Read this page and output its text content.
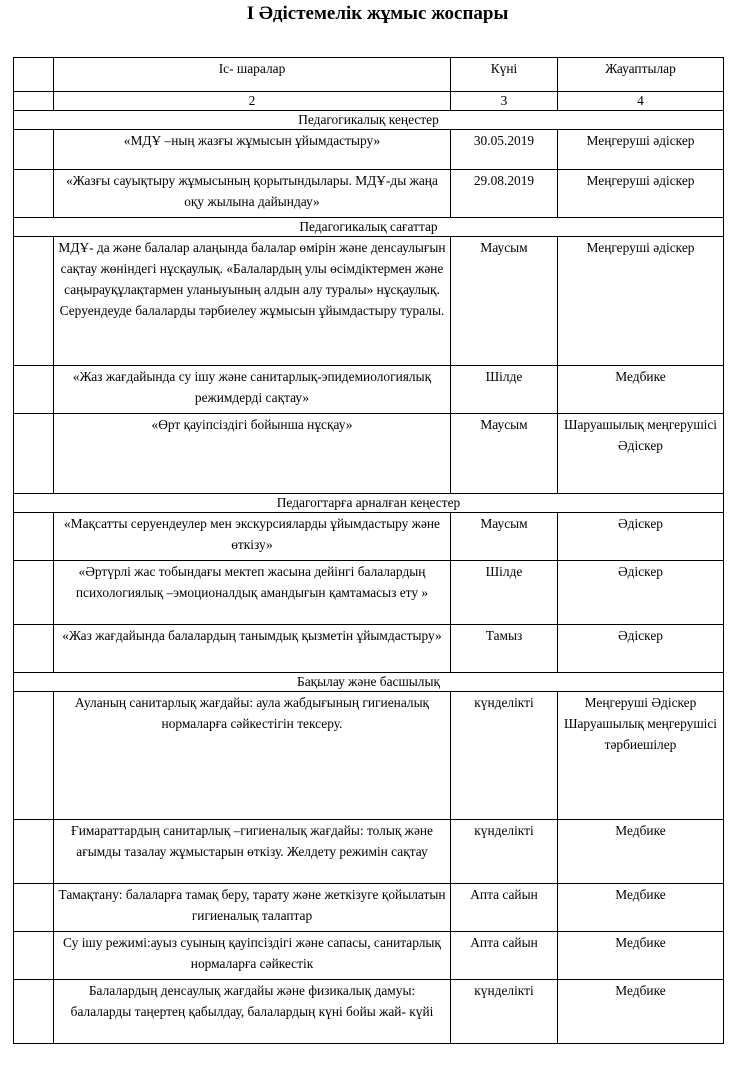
І Әдістемелік жұмыс жоспары
	Іс- шаралар	Күні	Жауаптылар
	2	3	4
Педагогикалық кеңестер			
	«МДҰ –ның жазғы жұмысын ұйымдастыру»	30.05.2019	Меңгеруші әдіскер
	«Жазғы сауықтыру жұмысының қорытындылары. МДҰ-ды жаңа оқу жылына дайындау»	29.08.2019	Меңгеруші әдіскер
Педагогикалық сағаттар			
	МДҰ- да және балалар алаңында балалар өмірін және денсаулығын сақтау жөніндегі нұсқаулық. «Балалардың улы өсімдіктермен және саңырауқұлақтармен уланыуының алдын алу туралы» нұсқаулық. Серуендеуде балаларды тәрбиелеу жұмысын ұйымдастыру туралы.	Маусым	Меңгеруші әдіскер
	«Жаз жағдайында су ішу және санитарлық-эпидемиологиялық режимдерді сақтау»	Шілде	Медбике
	«Өрт қауіпсіздігі бойынша нұсқау»	Маусым	Шаруашылық меңгерушісі Әдіскер
Педагогтарға арналған кеңестер			
	«Мақсатты серуендеулер мен экскурсияларды ұйымдастыру және өткізу»	Маусым	Әдіскер
	«Әртүрлі жас тобындағы мектеп жасына дейінгі балалардың психологиялық –эмоционалдық амандығын қамтамасыз ету »	Шілде	Әдіскер
	«Жаз жағдайында балалардың танымдық қызметін ұйымдастыру»	Тамыз	Әдіскер
Бақылау және басшылық			
	Ауланың санитарлық жағдайы: аула жабдығының гигиеналық нормаларға сәйкестігін тексеру.	күнделікті	Меңгеруші Әдіскер Шаруашылық меңгерушісі тәрбиешілер
	Ғимараттардың санитарлық –гигиеналық жағдайы: толық және ағымды тазалау жұмыстарын өткізу. Желдету режимін сақтау	күнделікті	Медбике
	Тамақтану: балаларға тамақ беру, тарату және жеткізуге қойылатын гигиеналық талаптар	Апта сайын	Медбике
	Су ішу режимі:ауыз суының қауіпсіздігі және сапасы, санитарлық нормаларға сәйкестік	Апта сайын	Медбике
	Балалардың денсаулық жағдайы және физикалық дамуы: балаларды таңертең қабылдау, балалардың күні бойы жай- күйі	күнделікті	Медбике
